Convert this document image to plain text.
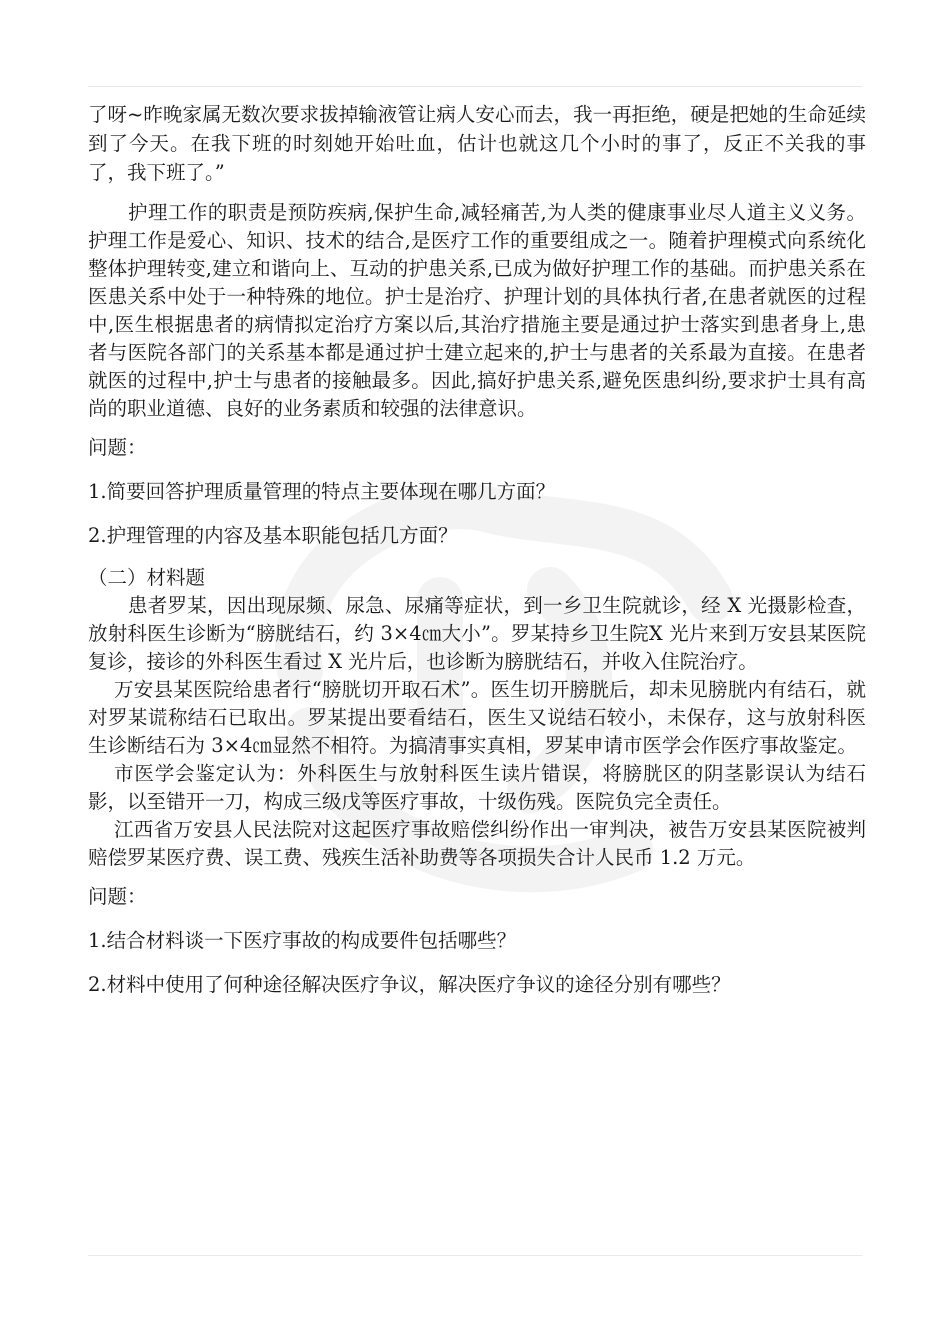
了呀~昨晚家属无数次要求拔掉输液管让病人安心而去，我一再拒绝，硬是把她的生命延续到了今天。在我下班的时刻她开始吐血，估计也就这几个小时的事了，反正不关我的事了，我下班了。”

护理工作的职责是预防疾病,保护生命,减轻痛苦,为人类的健康事业尽人道主义义务。护理工作是爱心、知识、技术的结合,是医疗工作的重要组成之一。随着护理模式向系统化整体护理转变,建立和谐向上、互动的护患关系,已成为做好护理工作的基础。而护患关系在医患关系中处于一种特殊的地位。护士是治疗、护理计划的具体执行者,在患者就医的过程中,医生根据患者的病情拟定治疗方案以后,其治疗措施主要是通过护士落实到患者身上,患者与医院各部门的关系基本都是通过护士建立起来的,护士与患者的关系最为直接。在患者就医的过程中,护士与患者的接触最多。因此,搞好护患关系,避免医患纠纷,要求护士具有高尚的职业道德、良好的业务素质和较强的法律意识。

问题：

1.简要回答护理质量管理的特点主要体现在哪几方面？

2.护理管理的内容及基本职能包括几方面？

（二）材料题

患者罗某，因出现尿频、尿急、尿痛等症状，到一乡卫生院就诊，经 X 光摄影检查，放射科医生诊断为“膀胱结石，约 3×4㎝大小”。罗某持乡卫生院X 光片来到万安县某医院复诊，接诊的外科医生看过 X 光片后，也诊断为膀胱结石，并收入住院治疗。

万安县某医院给患者行“膀胱切开取石术”。医生切开膀胱后，却未见膀胱内有结石，就对罗某谎称结石已取出。罗某提出要看结石，医生又说结石较小，未保存，这与放射科医生诊断结石为 3×4㎝显然不相符。为搞清事实真相，罗某申请市医学会作医疗事故鉴定。

市医学会鉴定认为：外科医生与放射科医生读片错误，将膀胱区的阴茎影误认为结石影，以至错开一刀，构成三级戊等医疗事故，十级伤残。医院负完全责任。

江西省万安县人民法院对这起医疗事故赔偿纠纷作出一审判决，被告万安县某医院被判赔偿罗某医疗费、误工费、残疾生活补助费等各项损失合计人民币 1.2 万元。

问题：

1.结合材料谈一下医疗事故的构成要件包括哪些？

2.材料中使用了何种途径解决医疗争议，解决医疗争议的途径分别有哪些？
